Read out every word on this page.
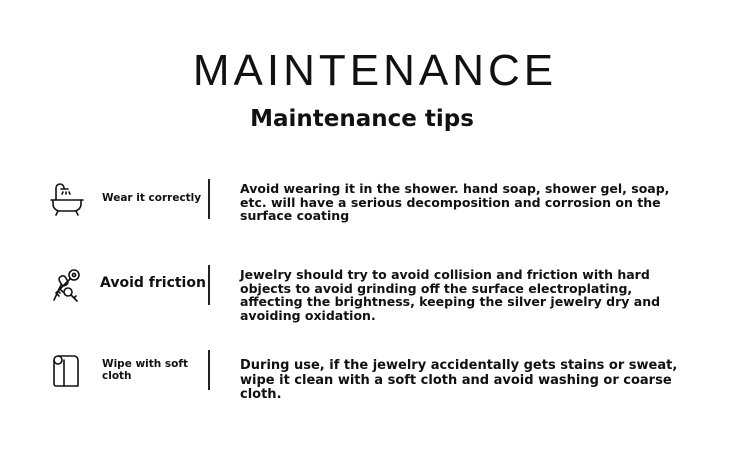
MAINTENANCE
Maintenance tips
Wear it correctly
Avoid wearing it in the shower. hand soap, shower gel, soap, etc. will have a serious decomposition and corrosion on the surface coating
Avoid friction
Jewelry should try to avoid collision and friction with hard objects to avoid grinding off the surface electroplating, affecting the brightness, keeping the silver jewelry dry and avoiding oxidation.
Wipe with soft cloth
During use, if the jewelry accidentally gets stains or sweat, wipe it clean with a soft cloth and avoid washing or coarse cloth.
